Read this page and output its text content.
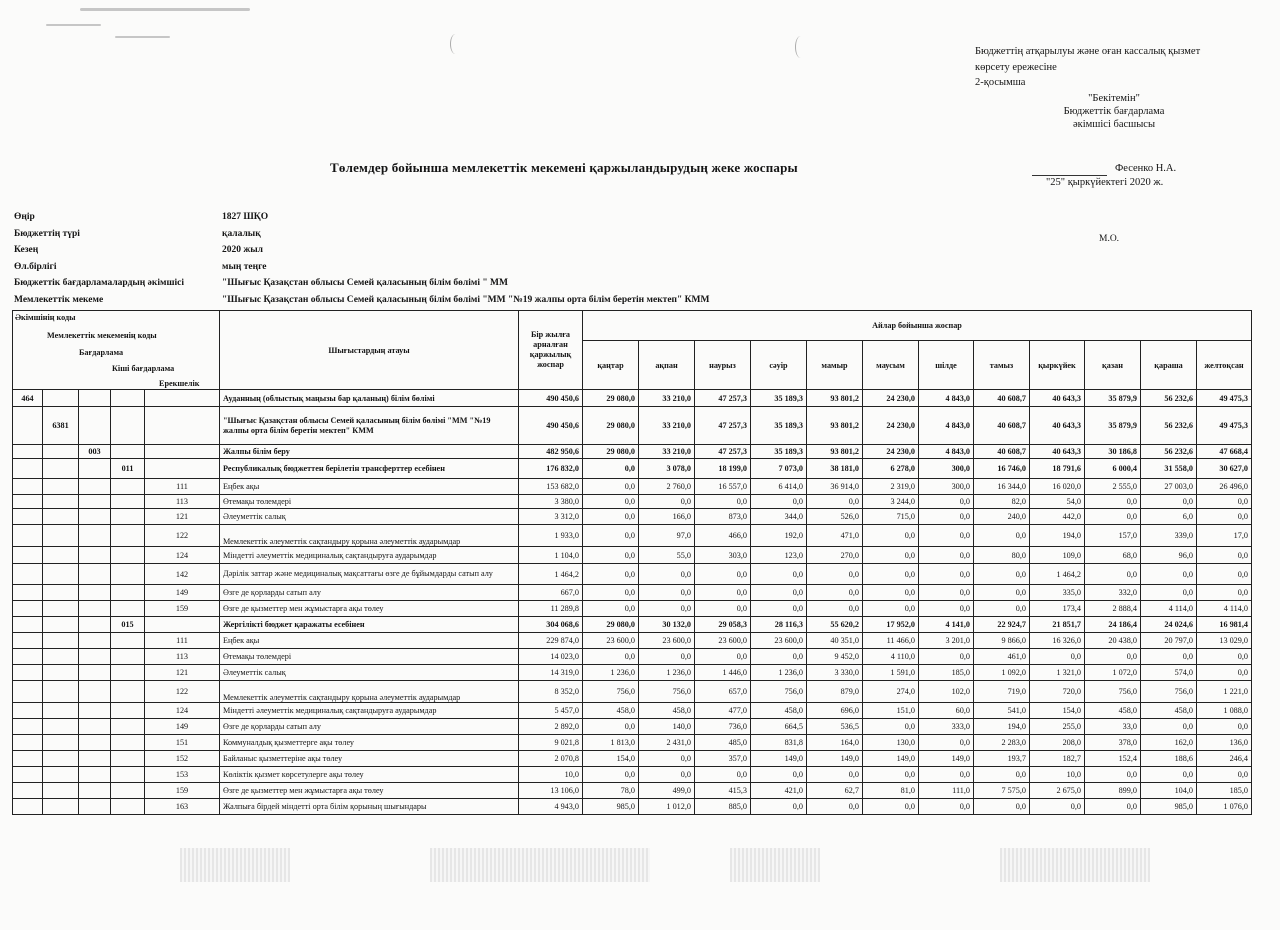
Бюджеттің атқарылуы және оған кассалық қызмет
көрсету ережесіне
2-қосымша
"Бекітемін"
Бюджеттік бағдарлама
әкімшісі басшысы
Фесенко Н.А.
"25" қыркүйектегі 2020 ж.
Төлемдер бойынша мемлекеттік мекемені қаржыландырудың жеке жоспары
М.О.
Өңір	1827 ШҚО
Бюджеттің түрі	қалалық
Кезең	2020 жыл
Өл.бірлігі	мың теңге
Бюджеттік бағдарламалардың әкімшісі	"Шығыс Қазақстан облысы Семей қаласының білім бөлімі " ММ
Мемлекеттік мекеме	"Шығыс Қазақстан облысы Семей қаласының білім бөлімі "ММ "№19 жалпы орта білім беретін мектеп" КММ
Әкімшінің коды
Мемлекеттік мекеменің коды
Бағдарлама
Кіші бағдарлама
Ерекшелік					Шығыстардың атауы	Бір жылға арналған қаржылық жоспар	Айлар бойынша жоспар											
							қаңтар	ақпан	наурыз	сәуір	мамыр	маусым	шілде	тамыз	қыркүйек	қазан	қараша	желтоқсан
464					Ауданның (облыстық маңызы бар қаланың) білім бөлімі	490 450,6	29 080,0	33 210,0	47 257,3	35 189,3	93 801,2	24 230,0	4 843,0	40 608,7	40 643,3	35 879,9	56 232,6	49 475,3
	6381				"Шығыс Қазақстан облысы Семей қаласының білім бөлімі "ММ "№19 жалпы орта білім беретін мектеп" КММ	490 450,6	29 080,0	33 210,0	47 257,3	35 189,3	93 801,2	24 230,0	4 843,0	40 608,7	40 643,3	35 879,9	56 232,6	49 475,3
		003			Жалпы білім беру	482 950,6	29 080,0	33 210,0	47 257,3	35 189,3	93 801,2	24 230,0	4 843,0	40 608,7	40 643,3	30 186,8	56 232,6	47 668,4
			011		Республикалық бюджеттен берілетін трансферттер есебінен	176 832,0	0,0	3 078,0	18 199,0	7 073,0	38 181,0	6 278,0	300,0	16 746,0	18 791,6	6 000,4	31 558,0	30 627,0
				111	Еңбек ақы	153 682,0	0,0	2 760,0	16 557,0	6 414,0	36 914,0	2 319,0	300,0	16 344,0	16 020,0	2 555,0	27 003,0	26 496,0
				113	Өтемақы төлемдері	3 380,0	0,0	0,0	0,0	0,0	0,0	3 244,0	0,0	82,0	54,0	0,0	0,0	0,0
				121	Әлеуметтік салық	3 312,0	0,0	166,0	873,0	344,0	526,0	715,0	0,0	240,0	442,0	0,0	6,0	0,0
				122	Мемлекеттік әлеуметтік сақтандыру қорына әлеуметтік аударымдар	1 933,0	0,0	97,0	466,0	192,0	471,0	0,0	0,0	0,0	194,0	157,0	339,0	17,0
				124	Міндетті әлеуметтік медициналық сақтандыруға аударымдар	1 104,0	0,0	55,0	303,0	123,0	270,0	0,0	0,0	80,0	109,0	68,0	96,0	0,0
				142	Дәрілік заттар және медициналық мақсаттағы өзге де бұйымдарды сатып алу	1 464,2	0,0	0,0	0,0	0,0	0,0	0,0	0,0	0,0	1 464,2	0,0	0,0	0,0
				149	Өзге де қорларды сатып алу	667,0	0,0	0,0	0,0	0,0	0,0	0,0	0,0	0,0	335,0	332,0	0,0	0,0
				159	Өзге де қызметтер мен жұмыстарға ақы төлеу	11 289,8	0,0	0,0	0,0	0,0	0,0	0,0	0,0	0,0	173,4	2 888,4	4 114,0	4 114,0
			015		Жергілікті бюджет қаражаты есебінен	304 068,6	29 080,0	30 132,0	29 058,3	28 116,3	55 620,2	17 952,0	4 141,0	22 924,7	21 851,7	24 186,4	24 024,6	16 981,4
				111	Еңбек ақы	229 874,0	23 600,0	23 600,0	23 600,0	23 600,0	40 351,0	11 466,0	3 201,0	9 866,0	16 326,0	20 438,0	20 797,0	13 029,0
				113	Өтемақы төлемдері	14 023,0	0,0	0,0	0,0	0,0	9 452,0	4 110,0	0,0	461,0	0,0	0,0	0,0	0,0
				121	Әлеуметтік салық	14 319,0	1 236,0	1 236,0	1 446,0	1 236,0	3 330,0	1 591,0	185,0	1 092,0	1 321,0	1 072,0	574,0	0,0
				122	Мемлекеттік әлеуметтік сақтандыру қорына әлеуметтік аударымдар	8 352,0	756,0	756,0	657,0	756,0	879,0	274,0	102,0	719,0	720,0	756,0	756,0	1 221,0
				124	Міндетті әлеуметтік медициналық сақтандыруға аударымдар	5 457,0	458,0	458,0	477,0	458,0	696,0	151,0	60,0	541,0	154,0	458,0	458,0	1 088,0
				149	Өзге де қорларды сатып алу	2 892,0	0,0	140,0	736,0	664,5	536,5	0,0	333,0	194,0	255,0	33,0	0,0	0,0
				151	Коммуналдық қызметтерге ақы төлеу	9 021,8	1 813,0	2 431,0	485,0	831,8	164,0	130,0	0,0	2 283,0	208,0	378,0	162,0	136,0
				152	Байланыс қызметтеріне ақы төлеу	2 070,8	154,0	0,0	357,0	149,0	149,0	149,0	149,0	193,7	182,7	152,4	188,6	246,4
				153	Көліктік қызмет көрсетулерге ақы төлеу	10,0	0,0	0,0	0,0	0,0	0,0	0,0	0,0	0,0	10,0	0,0	0,0	0,0
				159	Өзге де қызметтер мен жұмыстарға ақы төлеу	13 106,0	78,0	499,0	415,3	421,0	62,7	81,0	111,0	7 575,0	2 675,0	899,0	104,0	185,0
				163	Жалпыға бірдей міндетті орта білім қорының шығындары	4 943,0	985,0	1 012,0	885,0	0,0	0,0	0,0	0,0	0,0	0,0	0,0	985,0	1 076,0
